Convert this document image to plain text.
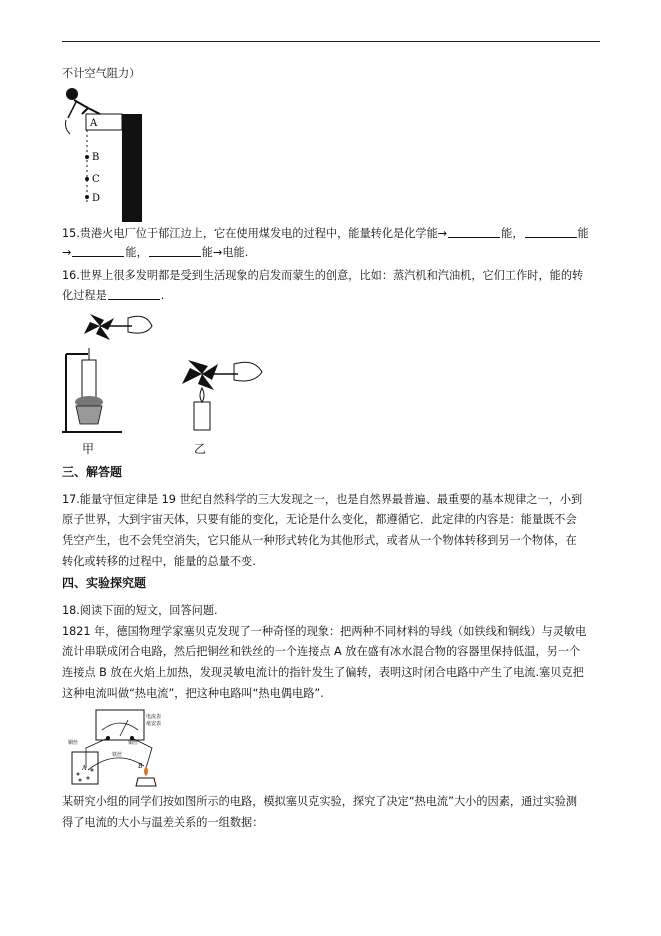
不计空气阻力）
A
B
C
D
15.贵港火电厂位于郁江边上，它在使用煤发电的过程中，能量转化是化学能→	能，	能
→	能，	能→电能.
16.世界上很多发明都是受到生活现象的启发而蒙生的创意，比如：蒸汽机和汽油机，它们工作时，能的转
化过程是	.
甲	乙
三、解答题
17.能量守恒定律是 19 世纪自然科学的三大发现之一，也是自然界最普遍、最重要的基本规律之一，小到
原子世界，大到宇宙天体，只要有能的变化，无论是什么变化，都遵循它．此定律的内容是：能量既不会
凭空产生，也不会凭空消失，它只能从一种形式转化为其他形式，或者从一个物体转移到另一个物体，在
转化或转移的过程中，能量的总量不变.
四、实验探究题
18.阅读下面的短文，回答问题.
1821 年，德国物理学家塞贝克发现了一种奇怪的现象：把两种不同材料的导线（如铁线和铜线）与灵敏电
流计串联成闭合电路，然后把铜丝和铁丝的一个连接点 A 放在盛有冰水混合物的容器里保持低温，另一个
连接点 B 放在火焰上加热，发现灵敏电流计的指针发生了偏转，表明这时闭合电路中产生了电流.塞贝克把
这种电流叫做“热电流”，把这种电路叫“热电偶电路”.
电流表
毫安表
铜丝	铜丝
铁丝
A	B
某研究小组的同学们按如图所示的电路，模拟塞贝克实验，探究了决定“热电流”大小的因素，通过实验测
得了电流的大小与温差关系的一组数据：
